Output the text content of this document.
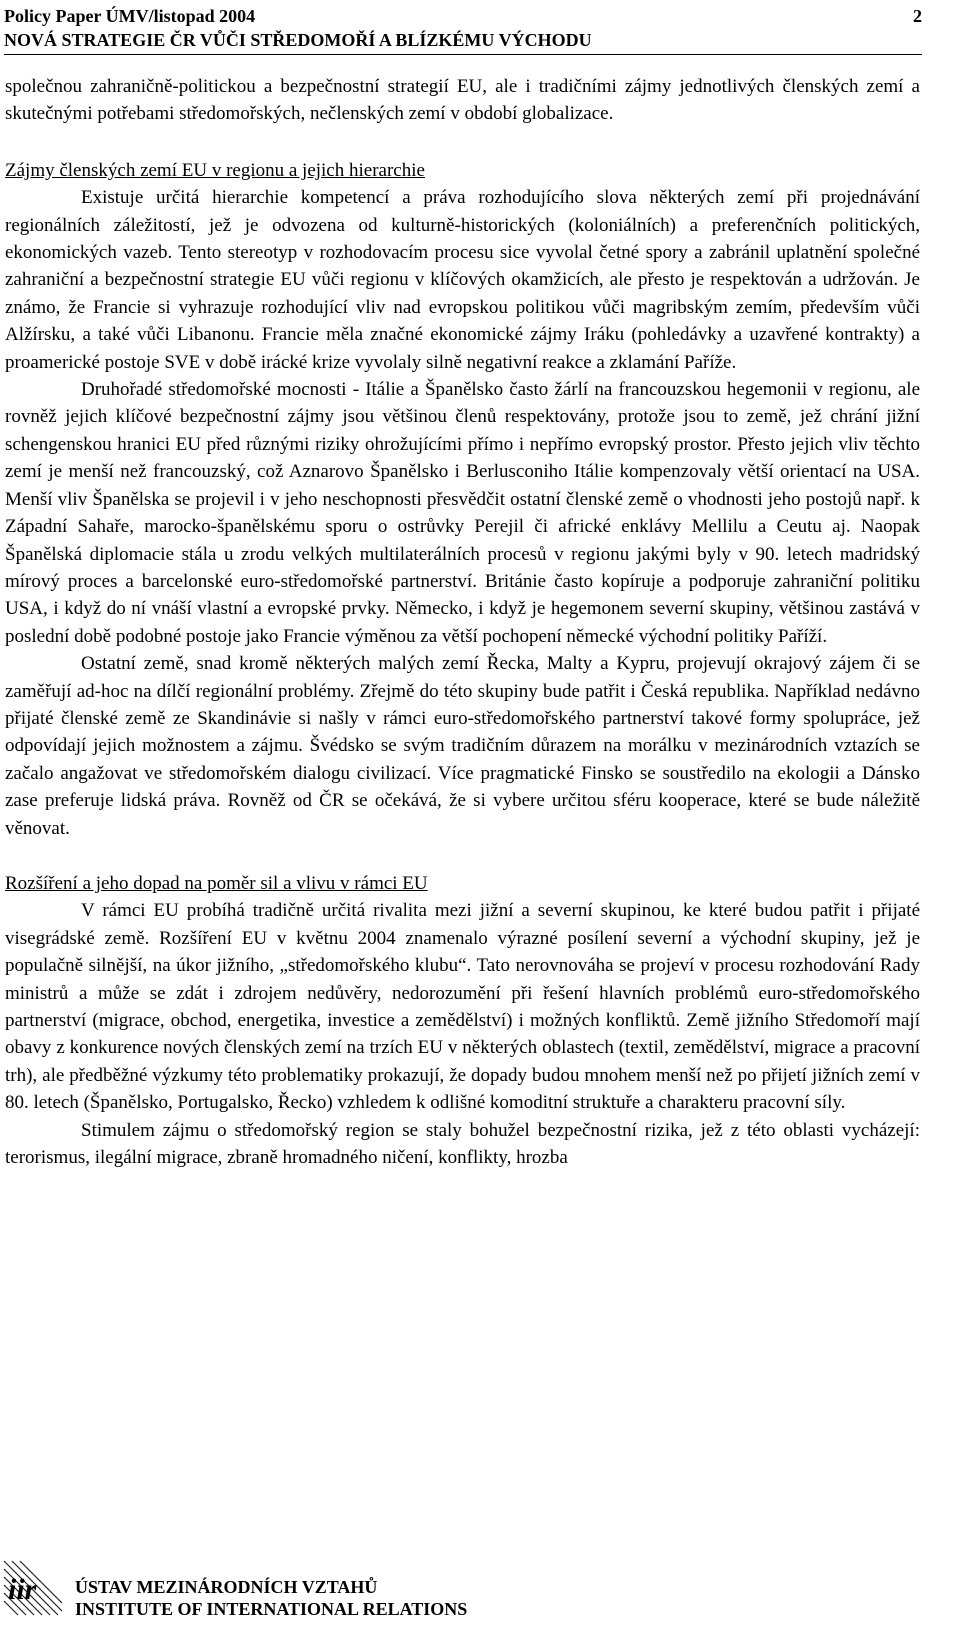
Policy Paper ÚMV/listopad 2004
NOVÁ STRATEGIE ČR VŮČI STŘEDOMOŘÍ A BLÍZKÉMU VÝCHODU
2

společnou zahraničně-politickou a bezpečnostní strategií EU, ale i tradičními zájmy jednotlivých členských zemí a skutečnými potřebami středomořských, nečlenských zemí v období globalizace.

Zájmy členských zemí EU v regionu a jejich hierarchie

Existuje určitá hierarchie kompetencí a práva rozhodujícího slova některých zemí při projednávání regionálních záležitostí, jež je odvozena od kulturně-historických (koloniálních) a preferenčních politických, ekonomických vazeb. Tento stereotyp v rozhodovacím procesu sice vyvolal četné spory a zabránil uplatnění společné zahraniční a bezpečnostní strategie EU vůči regionu v klíčových okamžicích, ale přesto je respektován a udržován. Je známo, že Francie si vyhrazuje rozhodující vliv nad evropskou politikou vůči magribským zemím, především vůči Alžírsku, a také vůči Libanonu. Francie měla značné ekonomické zájmy Iráku (pohledávky a uzavřené kontrakty) a proamerické postoje SVE v době irácké krize vyvolaly silně negativní reakce a zklamání Paříže.

Druhořadé středomořské mocnosti - Itálie a Španělsko často žárlí na francouzskou hegemonii v regionu, ale rovněž jejich klíčové bezpečnostní zájmy jsou většinou členů respektovány, protože jsou to země, jež chrání jižní schengenskou hranici EU před různými riziky ohrožujícími přímo i nepřímo evropský prostor. Přesto jejich vliv těchto zemí je menší než francouzský, což Aznarovo Španělsko i Berlusconiho Itálie kompenzovaly větší orientací na USA. Menší vliv Španělska se projevil i v jeho neschopnosti přesvědčit ostatní členské země o vhodnosti jeho postojů např. k Západní Sahaře, marocko-španělskému sporu o ostrůvky Perejil či africké enklávy Mellilu a Ceutu aj. Naopak Španělská diplomacie stála u zrodu velkých multilaterálních procesů v regionu jakými byly v 90. letech madridský mírový proces a barcelonské euro-středomořské partnerství. Británie často kopíruje a podporuje zahraniční politiku USA, i když do ní vnáší vlastní a evropské prvky. Německo, i když je hegemonem severní skupiny, většinou zastává v poslední době podobné postoje jako Francie výměnou za větší pochopení německé východní politiky Paříží.

Ostatní země, snad kromě některých malých zemí Řecka, Malty a Kypru, projevují okrajový zájem či se zaměřují ad-hoc na dílčí regionální problémy. Zřejmě do této skupiny bude patřit i Česká republika. Například nedávno přijaté členské země ze Skandinávie si našly v rámci euro-středomořského partnerství takové formy spolupráce, jež odpovídají jejich možnostem a zájmu. Švédsko se svým tradičním důrazem na morálku v mezinárodních vztazích se začalo angažovat ve středomořském dialogu civilizací. Více pragmatické Finsko se soustředilo na ekologii a Dánsko zase preferuje lidská práva. Rovněž od ČR se očekává, že si vybere určitou sféru kooperace, které se bude náležitě věnovat.

Rozšíření a jeho dopad na poměr sil a vlivu v rámci EU

V rámci EU probíhá tradičně určitá rivalita mezi jižní a severní skupinou, ke které budou patřit i přijaté visegrádské země. Rozšíření EU v květnu 2004 znamenalo výrazné posílení severní a východní skupiny, jež je populačně silnější, na úkor jižního, „středomořského klubu“. Tato nerovnováha se projeví v procesu rozhodování Rady ministrů a může se zdát i zdrojem nedůvěry, nedorozumění při řešení hlavních problémů euro-středomořského partnerství (migrace, obchod, energetika, investice a zemědělství) i možných konfliktů. Země jižního Středomoří mají obavy z konkurence nových členských zemí na trzích EU v některých oblastech (textil, zemědělství, migrace a pracovní trh), ale předběžné výzkumy této problematiky prokazují, že dopady budou mnohem menší než po přijetí jižních zemí v 80. letech (Španělsko, Portugalsko, Řecko) vzhledem k odlišné komoditní struktuře a charakteru pracovní síly.

Stimulem zájmu o středomořský region se staly bohužel bezpečnostní rizika, jež z této oblasti vycházejí: terorismus, ilegální migrace, zbraně hromadného ničení, konflikty, hrozba

iir ÚSTAV MEZINÁRODNÍCH VZTAHŮ
INSTITUTE OF INTERNATIONAL RELATIONS
